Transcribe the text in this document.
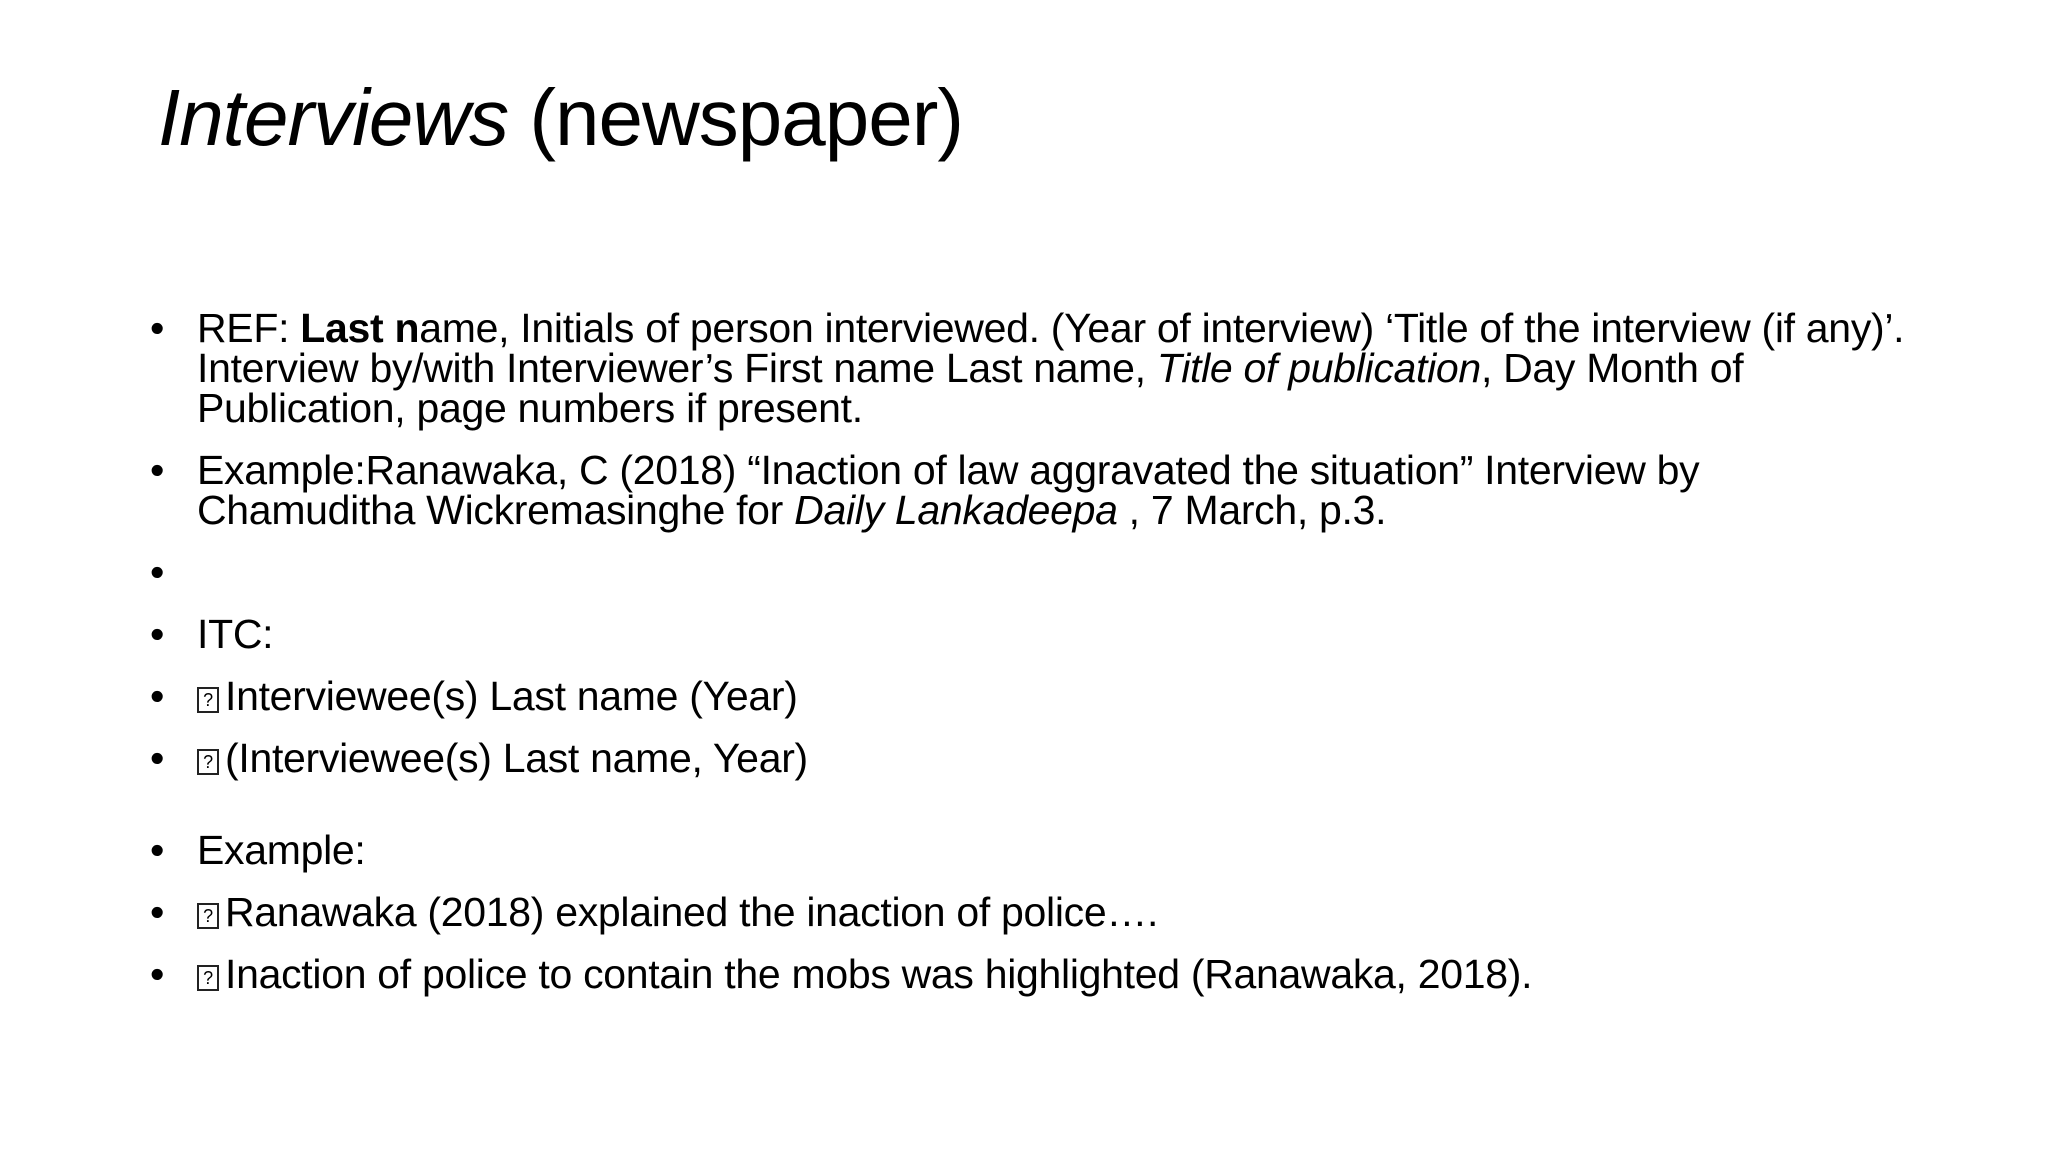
Interviews (newspaper)
• REF: Last name, Initials of person interviewed. (Year of interview) ‘Title of the interview (if any)’. Interview by/with Interviewer’s First name Last name, Title of publication, Day Month of Publication, page numbers if present.
• Example:Ranawaka, C (2018) “Inaction of law aggravated the situation” Interview by Chamuditha Wickremasinghe for Daily Lankadeepa , 7 March, p.3.
•
• ITC:
?• Interviewee(s) Last name (Year)
?• (Interviewee(s) Last name, Year)
• Example:
?• Ranawaka (2018) explained the inaction of police….
?• Inaction of police to contain the mobs was highlighted (Ranawaka, 2018).
